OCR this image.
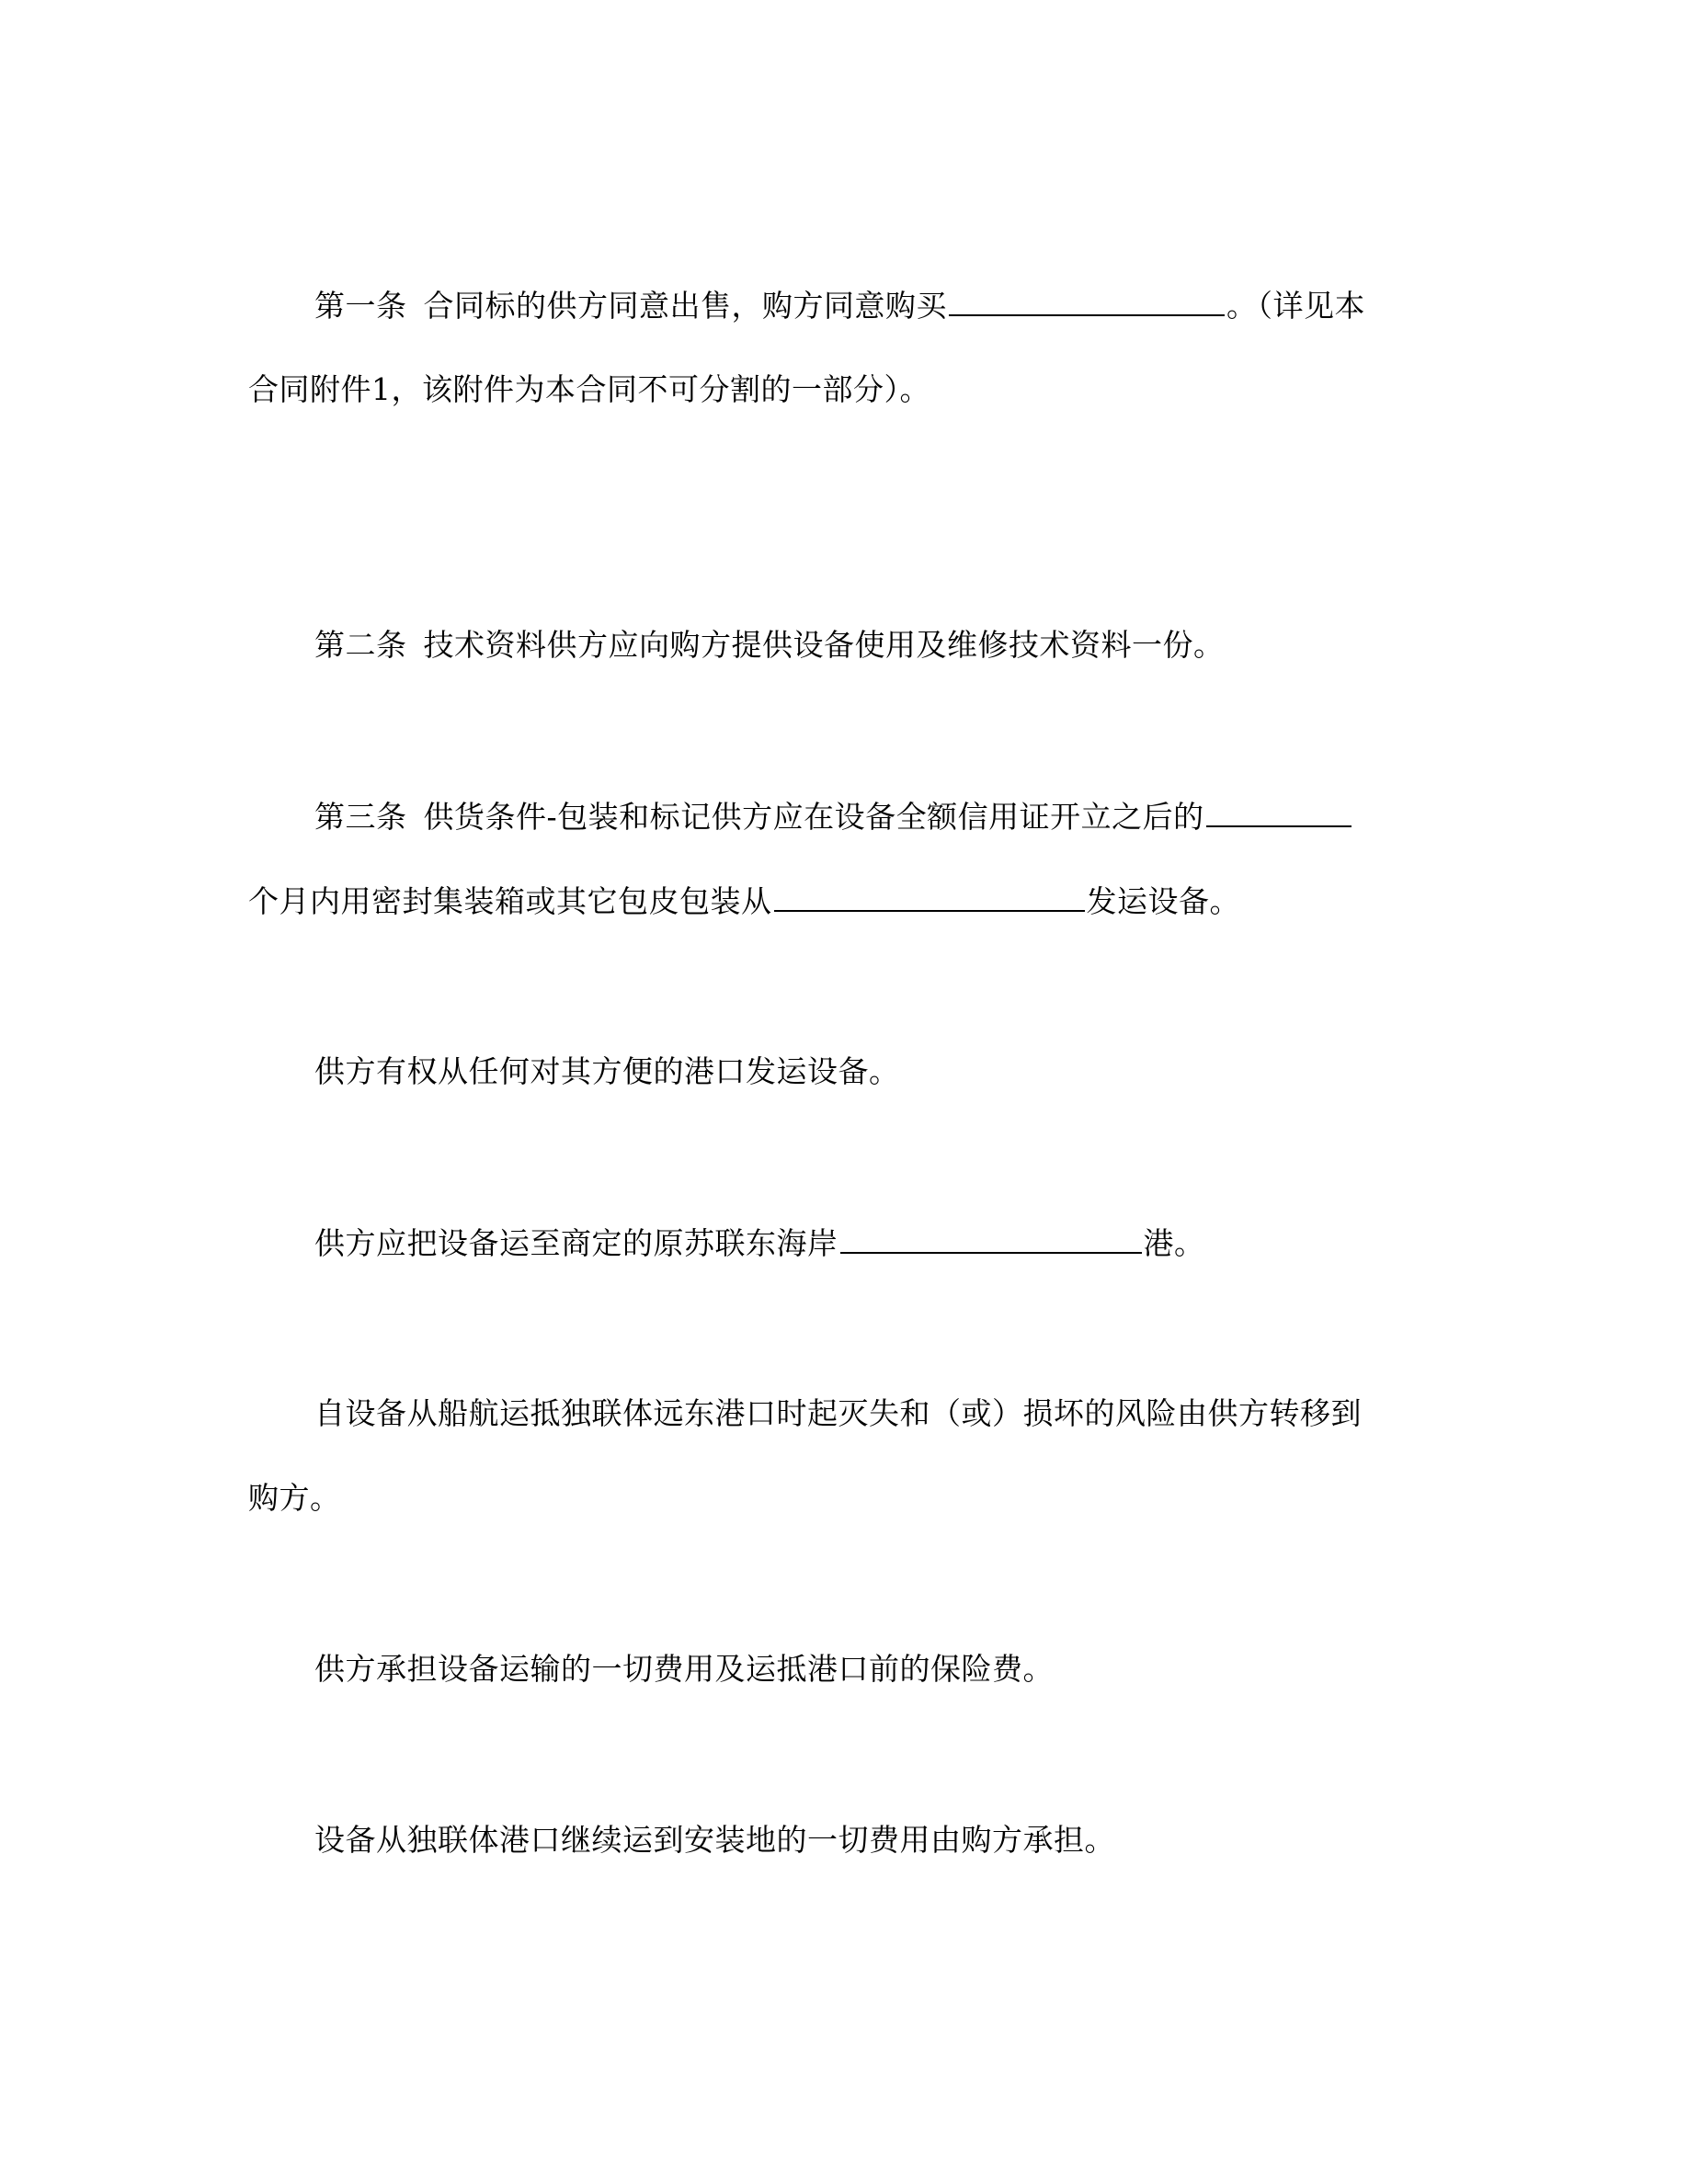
第一条 合同标的供方同意出售，购方同意购买	。（详见本
合同附件1，该附件为本合同不可分割的一部分）。
第二条 技术资料供方应向购方提供设备使用及维修技术资料一份。
第三条 供货条件-包装和标记供方应在设备全额信用证开立之后的
个月内用密封集装箱或其它包皮包装从	发运设备。
供方有权从任何对其方便的港口发运设备。
供方应把设备运至商定的原苏联东海岸	港。
自设备从船航运抵独联体远东港口时起灭失和（或）损坏的风险由供方转移到
购方。
供方承担设备运输的一切费用及运抵港口前的保险费。
设备从独联体港口继续运到安装地的一切费用由购方承担。
